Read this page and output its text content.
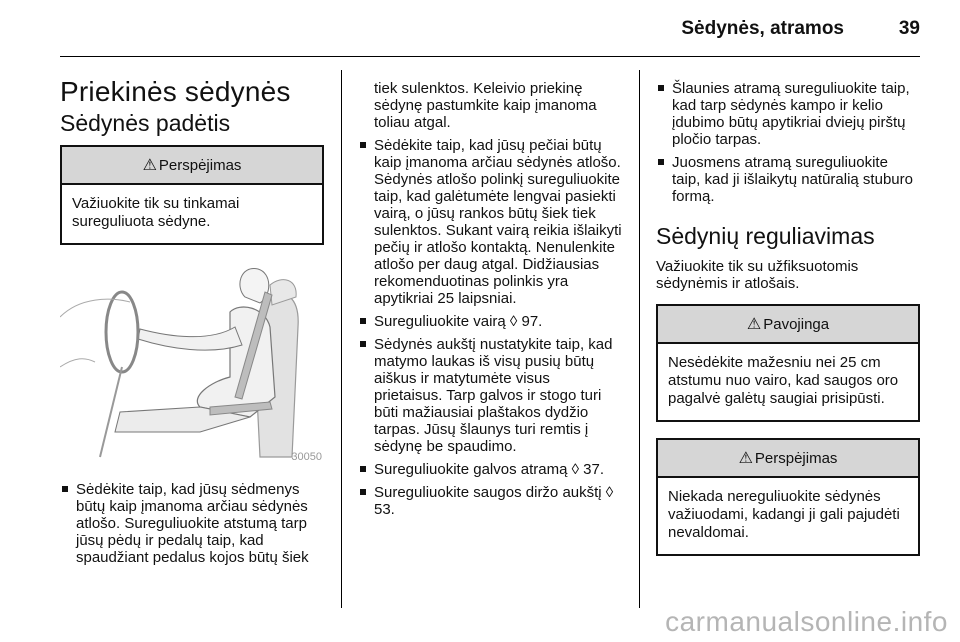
Sėdynės, atramos	39
Priekinės sėdynės
Sėdynės padėtis
⚠ Perspėjimas
Važiuokite tik su tinkamai sureguliuota sėdyne.
30050
Sėdėkite taip, kad jūsų sėdmenys būtų kaip įmanoma arčiau sėdynės atlošo. Sureguliuokite atstumą tarp jūsų pėdų ir pedalų taip, kad spaudžiant pedalus kojos būtų šiek
tiek sulenktos. Keleivio priekinę sėdynę pastumkite kaip įmanoma toliau atgal.
Sėdėkite taip, kad jūsų pečiai būtų kaip įmanoma arčiau sėdynės atlošo. Sėdynės atlošo polinkį sureguliuokite taip, kad galėtumėte lengvai pasiekti vairą, o jūsų rankos būtų šiek tiek sulenktos. Sukant vairą reikia išlaikyti pečių ir atlošo kontaktą. Nenulenkite atlošo per daug atgal. Didžiausias rekomenduotinas polinkis yra apytikriai 25 laipsniai.
Sureguliuokite vairą ◊ 97.
Sėdynės aukštį nustatykite taip, kad matymo laukas iš visų pusių būtų aiškus ir matytumėte visus prietaisus. Tarp galvos ir stogo turi būti mažiausiai plaštakos dydžio tarpas. Jūsų šlaunys turi remtis į sėdynę be spaudimo.
Sureguliuokite galvos atramą ◊ 37.
Sureguliuokite saugos diržo aukštį ◊ 53.
Šlaunies atramą sureguliuokite taip, kad tarp sėdynės kampo ir kelio įdubimo būtų apytikriai dviejų pirštų pločio tarpas.
Juosmens atramą sureguliuokite taip, kad ji išlaikytų natūralią stuburo formą.
Sėdynių reguliavimas

Važiuokite tik su užfiksuotomis sėdynėmis ir atlošais.

⚠ Pavojinga
Nesėdėkite mažesniu nei 25 cm atstumu nuo vairo, kad saugos oro pagalvė galėtų saugiai prisipūsti.
⚠ Perspėjimas
Niekada nereguliuokite sėdynės važiuodami, kadangi ji gali pajudėti nevaldomai.
carmanualsonline.info
